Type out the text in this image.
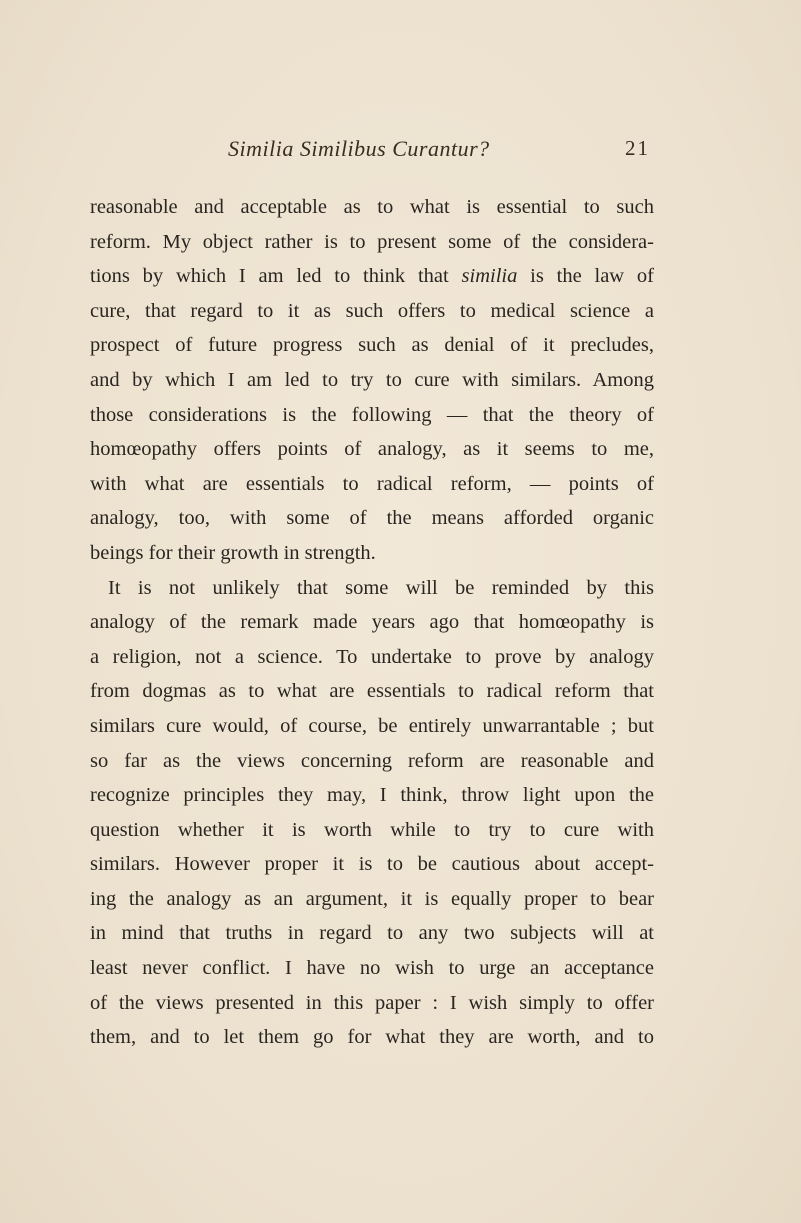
Similia Similibus Curantur?	21
reasonable and acceptable as to what is essential to such
reform. My object rather is to present some of the considera-
tions by which I am led to think that similia is the law of
cure, that regard to it as such offers to medical science a
prospect of future progress such as denial of it precludes,
and by which I am led to try to cure with similars. Among
those considerations is the following — that the theory of
homœopathy offers points of analogy, as it seems to me,
with what are essentials to radical reform, — points of
analogy, too, with some of the means afforded organic
beings for their growth in strength.
It is not unlikely that some will be reminded by this
analogy of the remark made years ago that homœopathy is
a religion, not a science. To undertake to prove by analogy
from dogmas as to what are essentials to radical reform that
similars cure would, of course, be entirely unwarrantable ; but
so far as the views concerning reform are reasonable and
recognize principles they may, I think, throw light upon the
question whether it is worth while to try to cure with
similars. However proper it is to be cautious about accept-
ing the analogy as an argument, it is equally proper to bear
in mind that truths in regard to any two subjects will at
least never conflict. I have no wish to urge an acceptance
of the views presented in this paper : I wish simply to offer
them, and to let them go for what they are worth, and to
